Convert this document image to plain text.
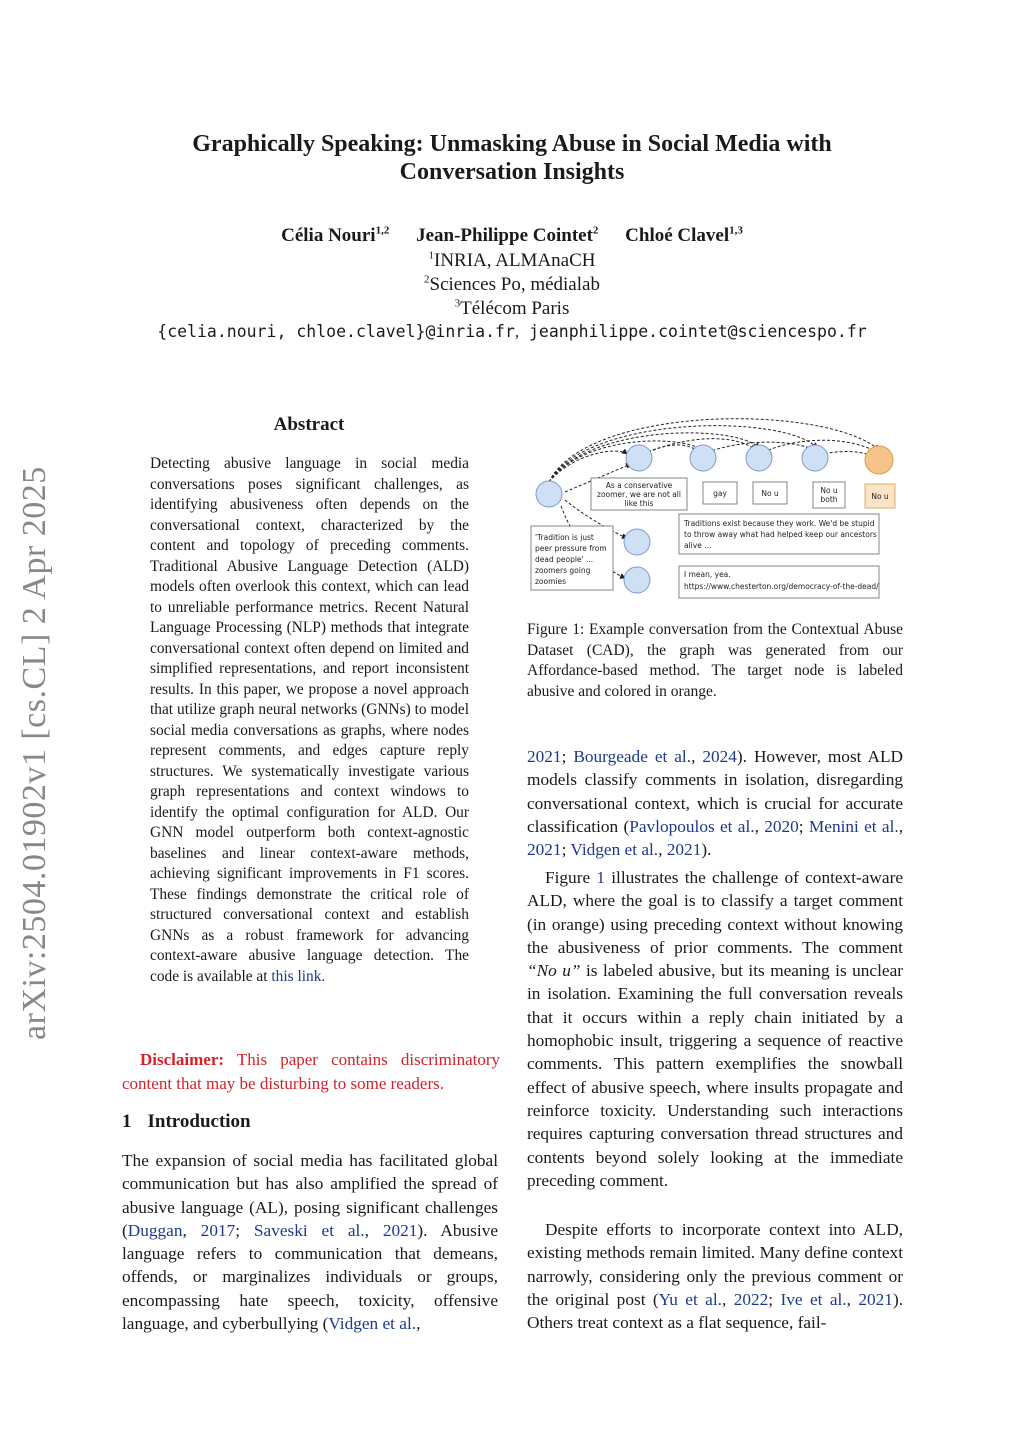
Graphically Speaking: Unmasking Abuse in Social Media with
Conversation Insights
Célia Nouri$^{1,2}$ Jean-Philippe Cointet$^2$ Chloé Clavel$^{1,3}$
$^1$INRIA, ALMAnaCH
$^2$Sciences Po, médialab
$^3$Télécom Paris
{celia.nouri, chloe.clavel}@inria.fr, jeanphilippe.cointet@sciencespo.fr
arXiv:2504.01902v1 [cs.CL] 2 Apr 2025
Abstract
Detecting abusive language in social media conversations poses significant challenges, as identifying abusiveness often depends on the conversational context, characterized by the content and topology of preceding comments. Traditional Abusive Language Detection (ALD) models often overlook this context, which can lead to unreliable performance metrics. Recent Natural Language Processing (NLP) methods that integrate conversational context often depend on limited and simplified representations, and report inconsistent results. In this paper, we propose a novel approach that utilize graph neural networks (GNNs) to model social media conversations as graphs, where nodes represent comments, and edges capture reply structures. We systematically investigate various graph representations and context windows to identify the optimal configuration for ALD. Our GNN model outperform both context-agnostic baselines and linear context-aware methods, achieving significant improvements in F1 scores. These findings demonstrate the critical role of structured conversational context and establish GNNs as a robust framework for advancing context-aware abusive language detection. The code is available at this link.
Disclaimer: This paper contains discriminatory content that may be disturbing to some readers.
1 Introduction
The expansion of social media has facilitated global communication but has also amplified the spread of abusive language (AL), posing significant challenges (Duggan, 2017; Saveski et al., 2021). Abusive language refers to communication that demeans, offends, or marginalizes individuals or groups, encompassing hate speech, toxicity, offensive language, and cyberbullying (Vidgen et al.,
As a conservative
zoomer, we are not all
like this
gay	No u	No u
both	No u
'Tradition is just
peer pressure from
dead people' ...
zoomers going
zoomies
Traditions exist because they work. We'd be stupid
to throw away what had helped keep our ancestors
alive ...
I mean, yea.
https://www.chesterton.org/democracy-of-the-dead/
Figure 1: Example conversation from the Contextual Abuse Dataset (CAD), the graph was generated from our Affordance-based method. The target node is labeled abusive and colored in orange.
2021; Bourgeade et al., 2024). However, most ALD models classify comments in isolation, disregarding conversational context, which is crucial for accurate classification (Pavlopoulos et al., 2020; Menini et al., 2021; Vidgen et al., 2021).
Figure 1 illustrates the challenge of context-aware ALD, where the goal is to classify a target comment (in orange) using preceding context without knowing the abusiveness of prior comments. The comment “No u” is labeled abusive, but its meaning is unclear in isolation. Examining the full conversation reveals that it occurs within a reply chain initiated by a homophobic insult, triggering a sequence of reactive comments. This pattern exemplifies the snowball effect of abusive speech, where insults propagate and reinforce toxicity. Understanding such interactions requires capturing conversation thread structures and contents beyond solely looking at the immediate preceding comment.
Despite efforts to incorporate context into ALD, existing methods remain limited. Many define context narrowly, considering only the previous comment or the original post (Yu et al., 2022; Ive et al., 2021). Others treat context as a flat sequence, fail-
